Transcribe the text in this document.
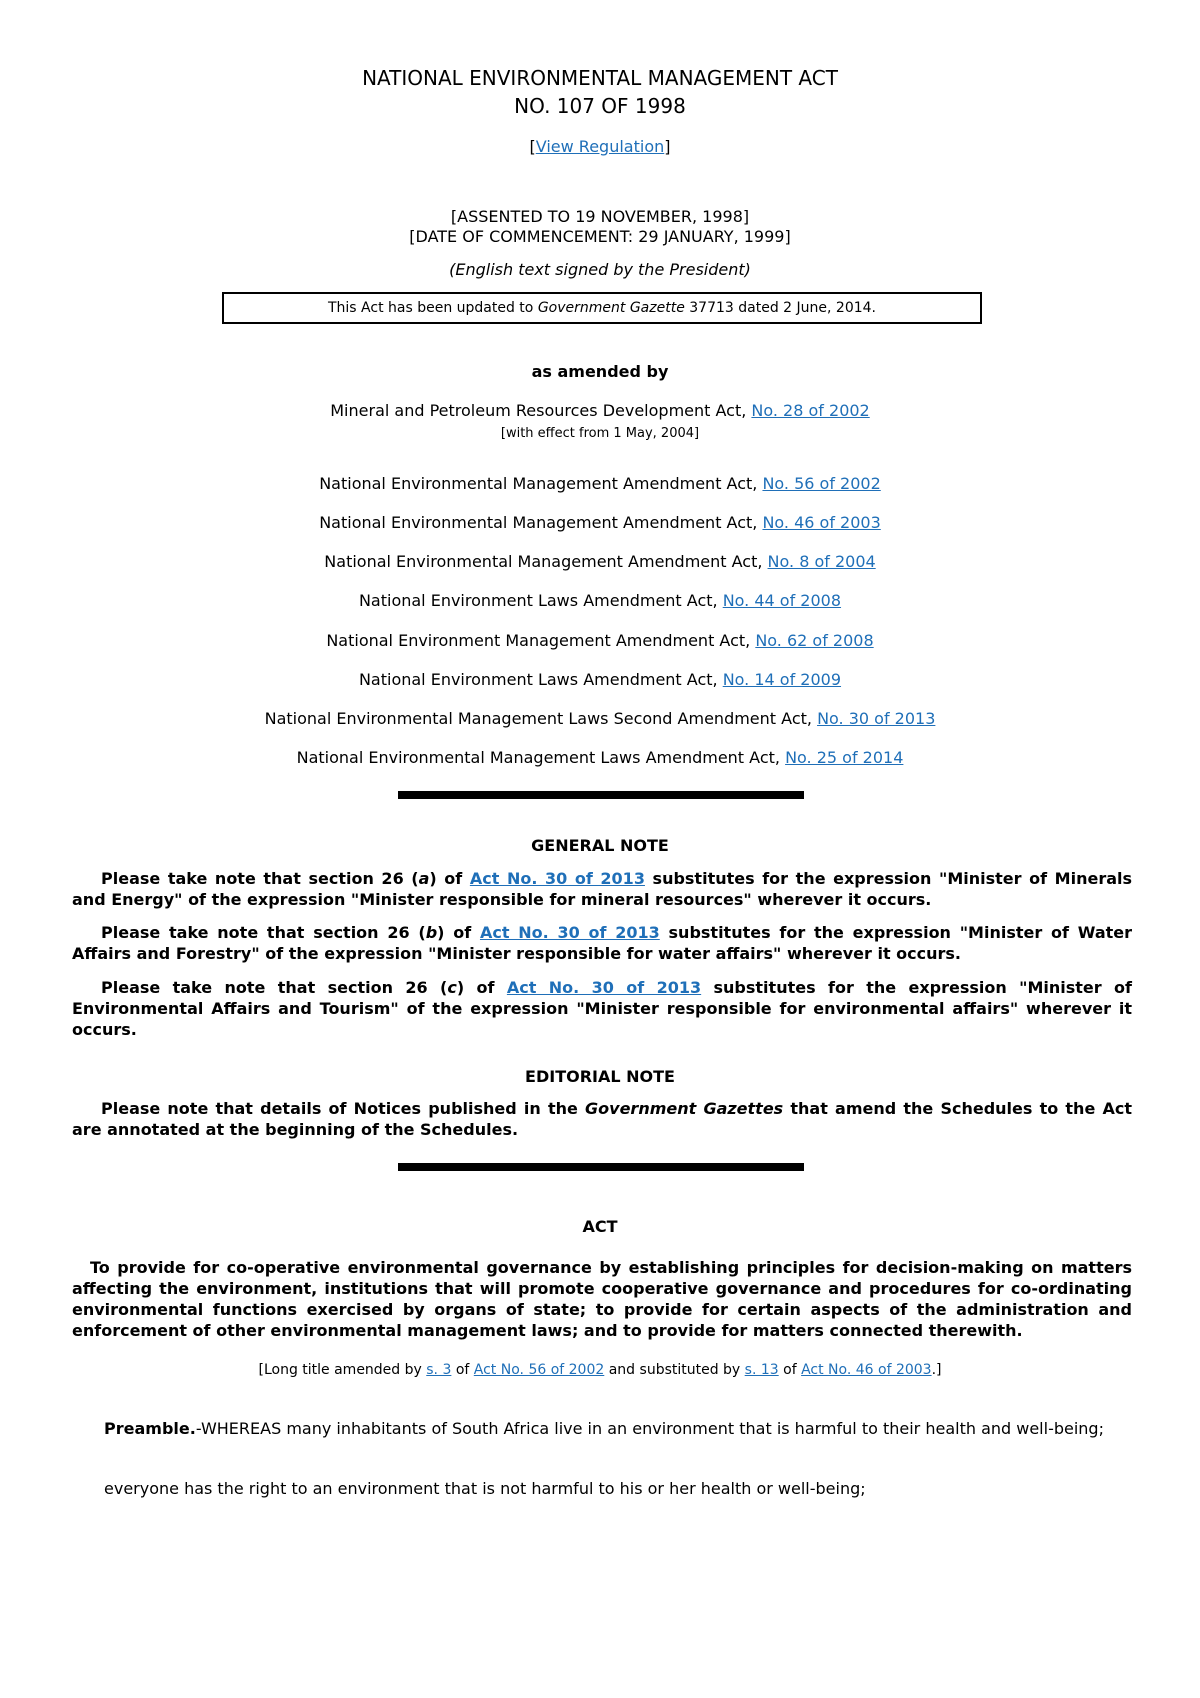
NATIONAL ENVIRONMENTAL MANAGEMENT ACT
NO. 107 OF 1998
[View Regulation]
[ASSENTED TO 19 NOVEMBER, 1998]
[DATE OF COMMENCEMENT: 29 JANUARY, 1999]
(English text signed by the President)
This Act has been updated to Government Gazette 37713 dated 2 June, 2014.
as amended by
Mineral and Petroleum Resources Development Act, No. 28 of 2002
[with effect from 1 May, 2004]
National Environmental Management Amendment Act, No. 56 of 2002
National Environmental Management Amendment Act, No. 46 of 2003
National Environmental Management Amendment Act, No. 8 of 2004
National Environment Laws Amendment Act, No. 44 of 2008
National Environment Management Amendment Act, No. 62 of 2008
National Environment Laws Amendment Act, No. 14 of 2009
National Environmental Management Laws Second Amendment Act, No. 30 of 2013
National Environmental Management Laws Amendment Act, No. 25 of 2014
GENERAL NOTE

Please take note that section 26 (a) of Act No. 30 of 2013 substitutes for the expression "Minister of Minerals and Energy" of the expression "Minister responsible for mineral resources" wherever it occurs.

Please take note that section 26 (b) of Act No. 30 of 2013 substitutes for the expression "Minister of Water Affairs and Forestry" of the expression "Minister responsible for water affairs" wherever it occurs.

Please take note that section 26 (c) of Act No. 30 of 2013 substitutes for the expression "Minister of Environmental Affairs and Tourism" of the expression "Minister responsible for environmental affairs" wherever it occurs.

EDITORIAL NOTE

Please note that details of Notices published in the Government Gazettes that amend the Schedules to the Act are annotated at the beginning of the Schedules.

ACT

To provide for co-operative environmental governance by establishing principles for decision-making on matters affecting the environment, institutions that will promote cooperative governance and procedures for co-ordinating environmental functions exercised by organs of state; to provide for certain aspects of the administration and enforcement of other environmental management laws; and to provide for matters connected therewith.

[Long title amended by s. 3 of Act No. 56 of 2002 and substituted by s. 13 of Act No. 46 of 2003.]

Preamble.-WHEREAS many inhabitants of South Africa live in an environment that is harmful to their health and well-being;

everyone has the right to an environment that is not harmful to his or her health or well-being;
